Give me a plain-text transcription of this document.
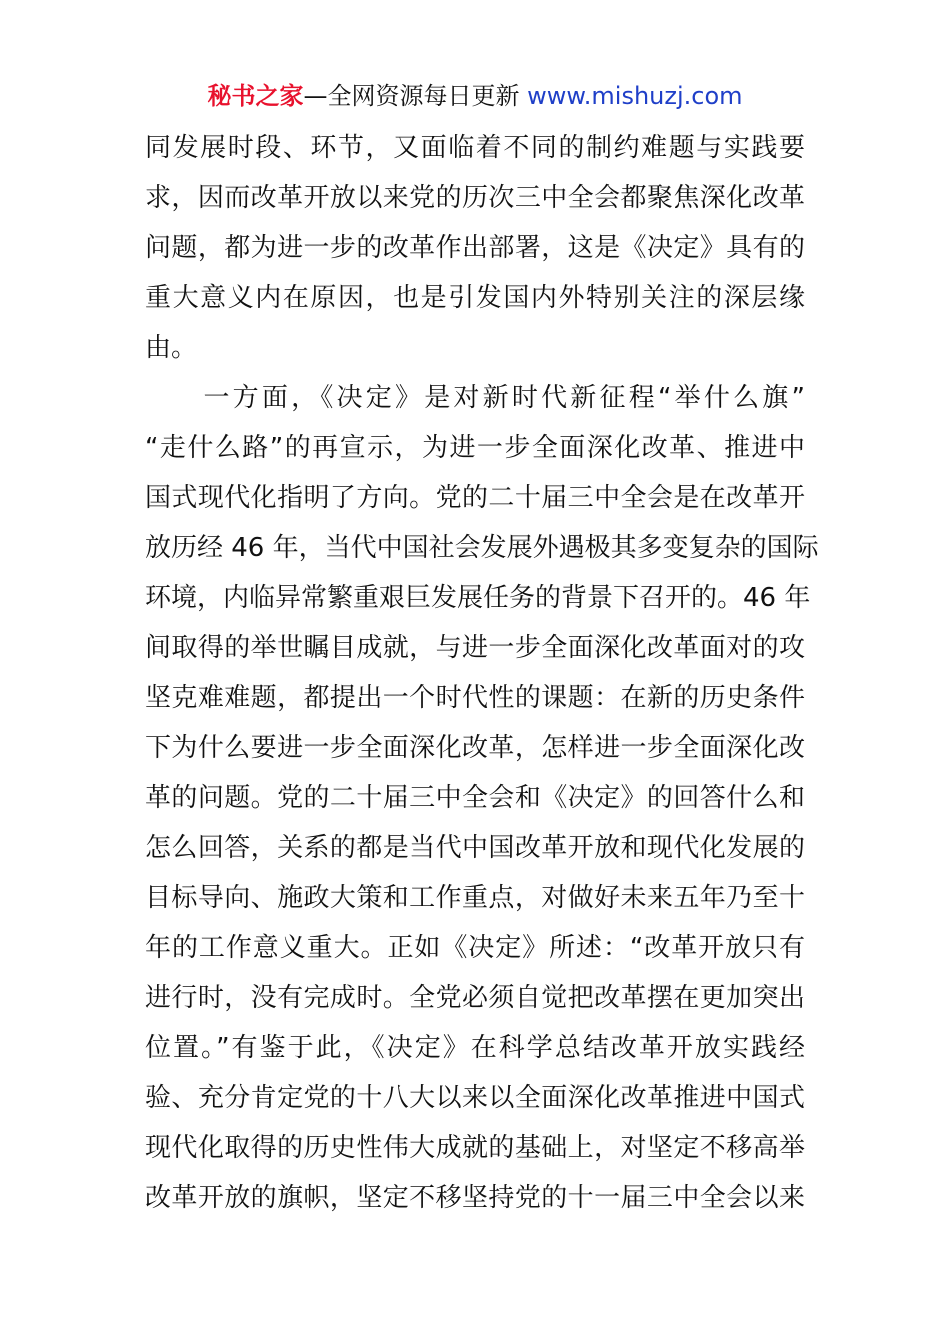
秘书之家—全网资源每日更新 www.mishuzj.com
同发展时段、环节，又面临着不同的制约难题与实践要
求，因而改革开放以来党的历次三中全会都聚焦深化改革
问题，都为进一步的改革作出部署，这是《决定》具有的
重大意义内在原因，也是引发国内外特别关注的深层缘
由。
　　一方面，《决定》是对新时代新征程“举什么旗”
“走什么路”的再宣示，为进一步全面深化改革、推进中
国式现代化指明了方向。党的二十届三中全会是在改革开
放历经 46 年，当代中国社会发展外遇极其多变复杂的国际
环境，内临异常繁重艰巨发展任务的背景下召开的。46 年
间取得的举世瞩目成就，与进一步全面深化改革面对的攻
坚克难难题，都提出一个时代性的课题：在新的历史条件
下为什么要进一步全面深化改革，怎样进一步全面深化改
革的问题。党的二十届三中全会和《决定》的回答什么和
怎么回答，关系的都是当代中国改革开放和现代化发展的
目标导向、施政大策和工作重点，对做好未来五年乃至十
年的工作意义重大。正如《决定》所述：“改革开放只有
进行时，没有完成时。全党必须自觉把改革摆在更加突出
位置。”有鉴于此，《决定》在科学总结改革开放实践经
验、充分肯定党的十八大以来以全面深化改革推进中国式
现代化取得的历史性伟大成就的基础上，对坚定不移高举
改革开放的旗帜，坚定不移坚持党的十一届三中全会以来
